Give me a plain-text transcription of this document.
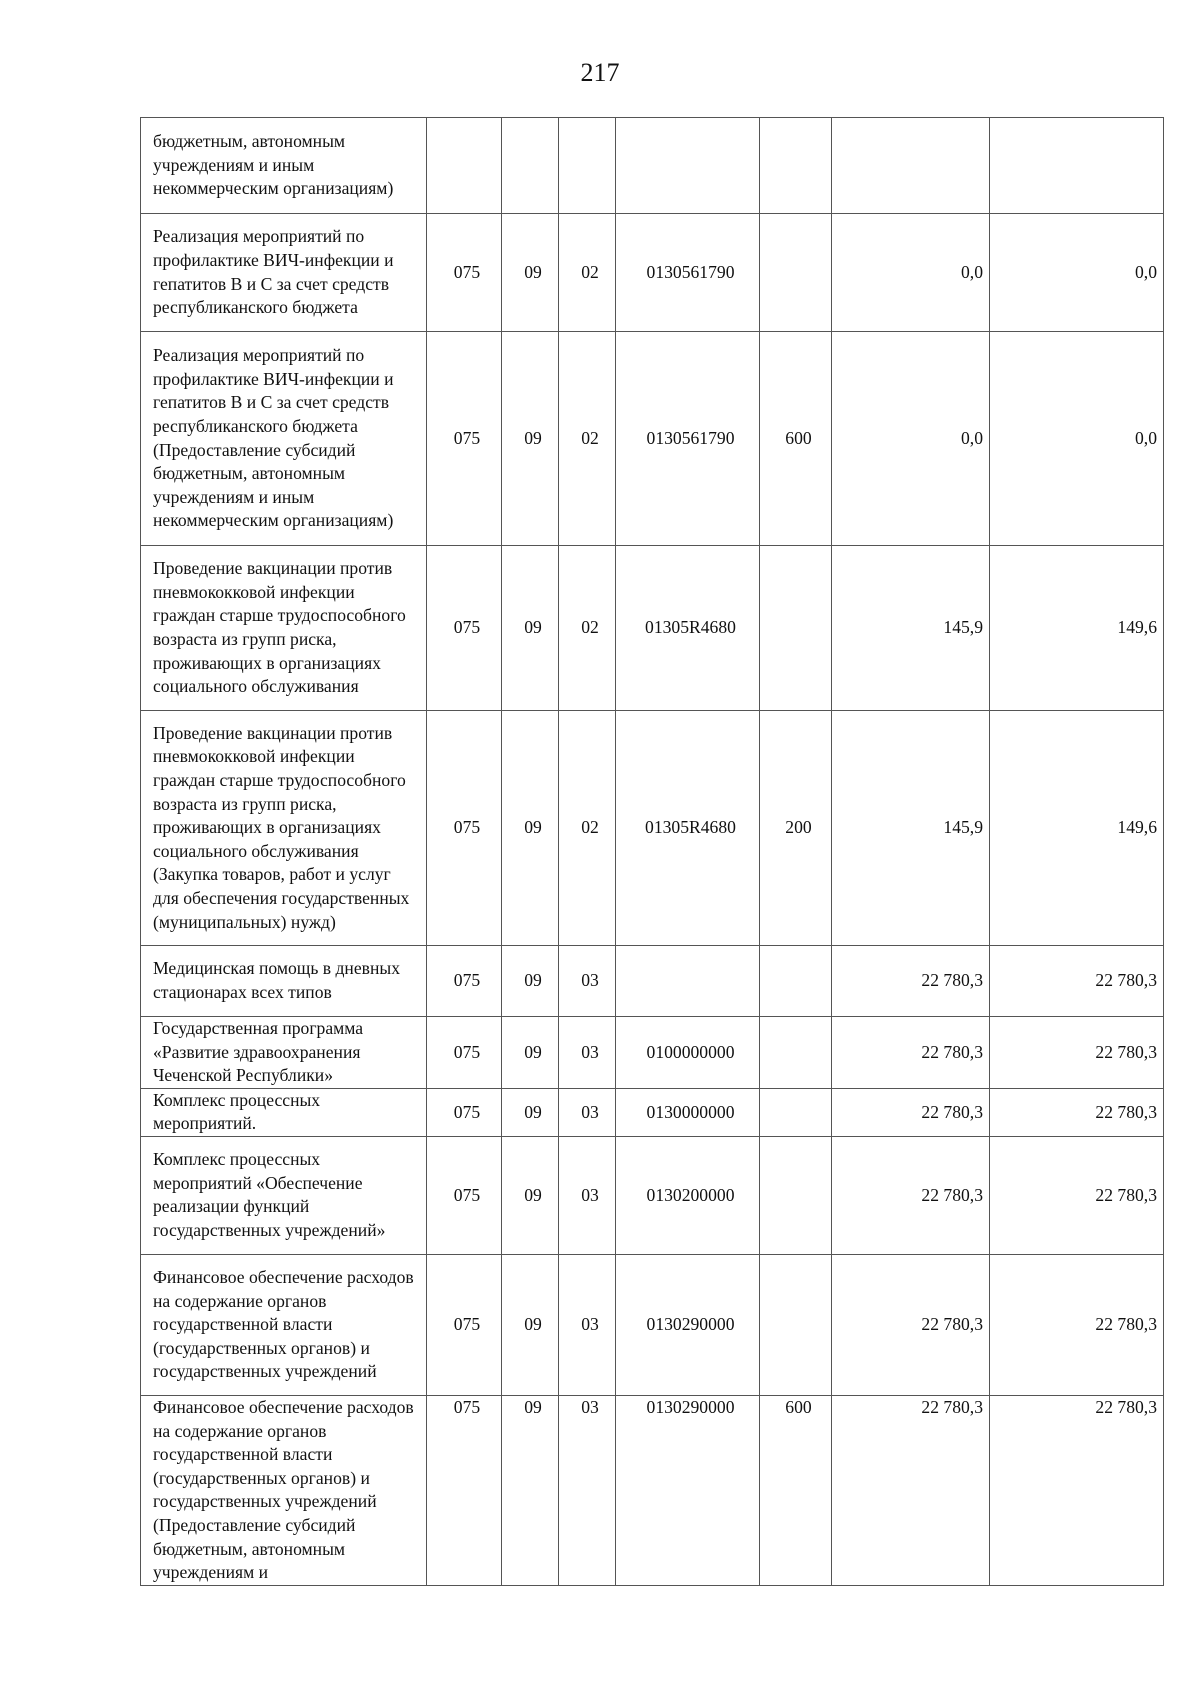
217
бюджетным, автономным учреждениям и иным некоммерческим организациям)							
Реализация мероприятий по профилактике ВИЧ-инфекции и гепатитов В и С за счет средств республиканского бюджета	075	09	02	0130561790		0,0	0,0
Реализация мероприятий по профилактике ВИЧ-инфекции и гепатитов В и С за счет средств республиканского бюджета (Предоставление субсидий бюджетным, автономным учреждениям и иным некоммерческим организациям)	075	09	02	0130561790	600	0,0	0,0
Проведение вакцинации против пневмококковой инфекции граждан старше трудоспособного возраста из групп риска, проживающих в организациях социального обслуживания	075	09	02	01305R4680		145,9	149,6
Проведение вакцинации против пневмококковой инфекции граждан старше трудоспособного возраста из групп риска, проживающих в организациях социального обслуживания (Закупка товаров, работ и услуг для обеспечения государственных (муниципальных) нужд)	075	09	02	01305R4680	200	145,9	149,6
Медицинская помощь в дневных стационарах всех типов	075	09	03			22 780,3	22 780,3
Государственная программа «Развитие здравоохранения Чеченской Республики»	075	09	03	0100000000		22 780,3	22 780,3
Комплекс процессных мероприятий.	075	09	03	0130000000		22 780,3	22 780,3
Комплекс процессных мероприятий «Обеспечение реализации функций государственных учреждений»	075	09	03	0130200000		22 780,3	22 780,3
Финансовое обеспечение расходов на содержание органов государственной власти (государственных органов) и государственных учреждений	075	09	03	0130290000		22 780,3	22 780,3
Финансовое обеспечение расходов на содержание органов государственной власти (государственных органов) и государственных учреждений (Предоставление субсидий бюджетным, автономным учреждениям и	075	09	03	0130290000	600	22 780,3	22 780,3
